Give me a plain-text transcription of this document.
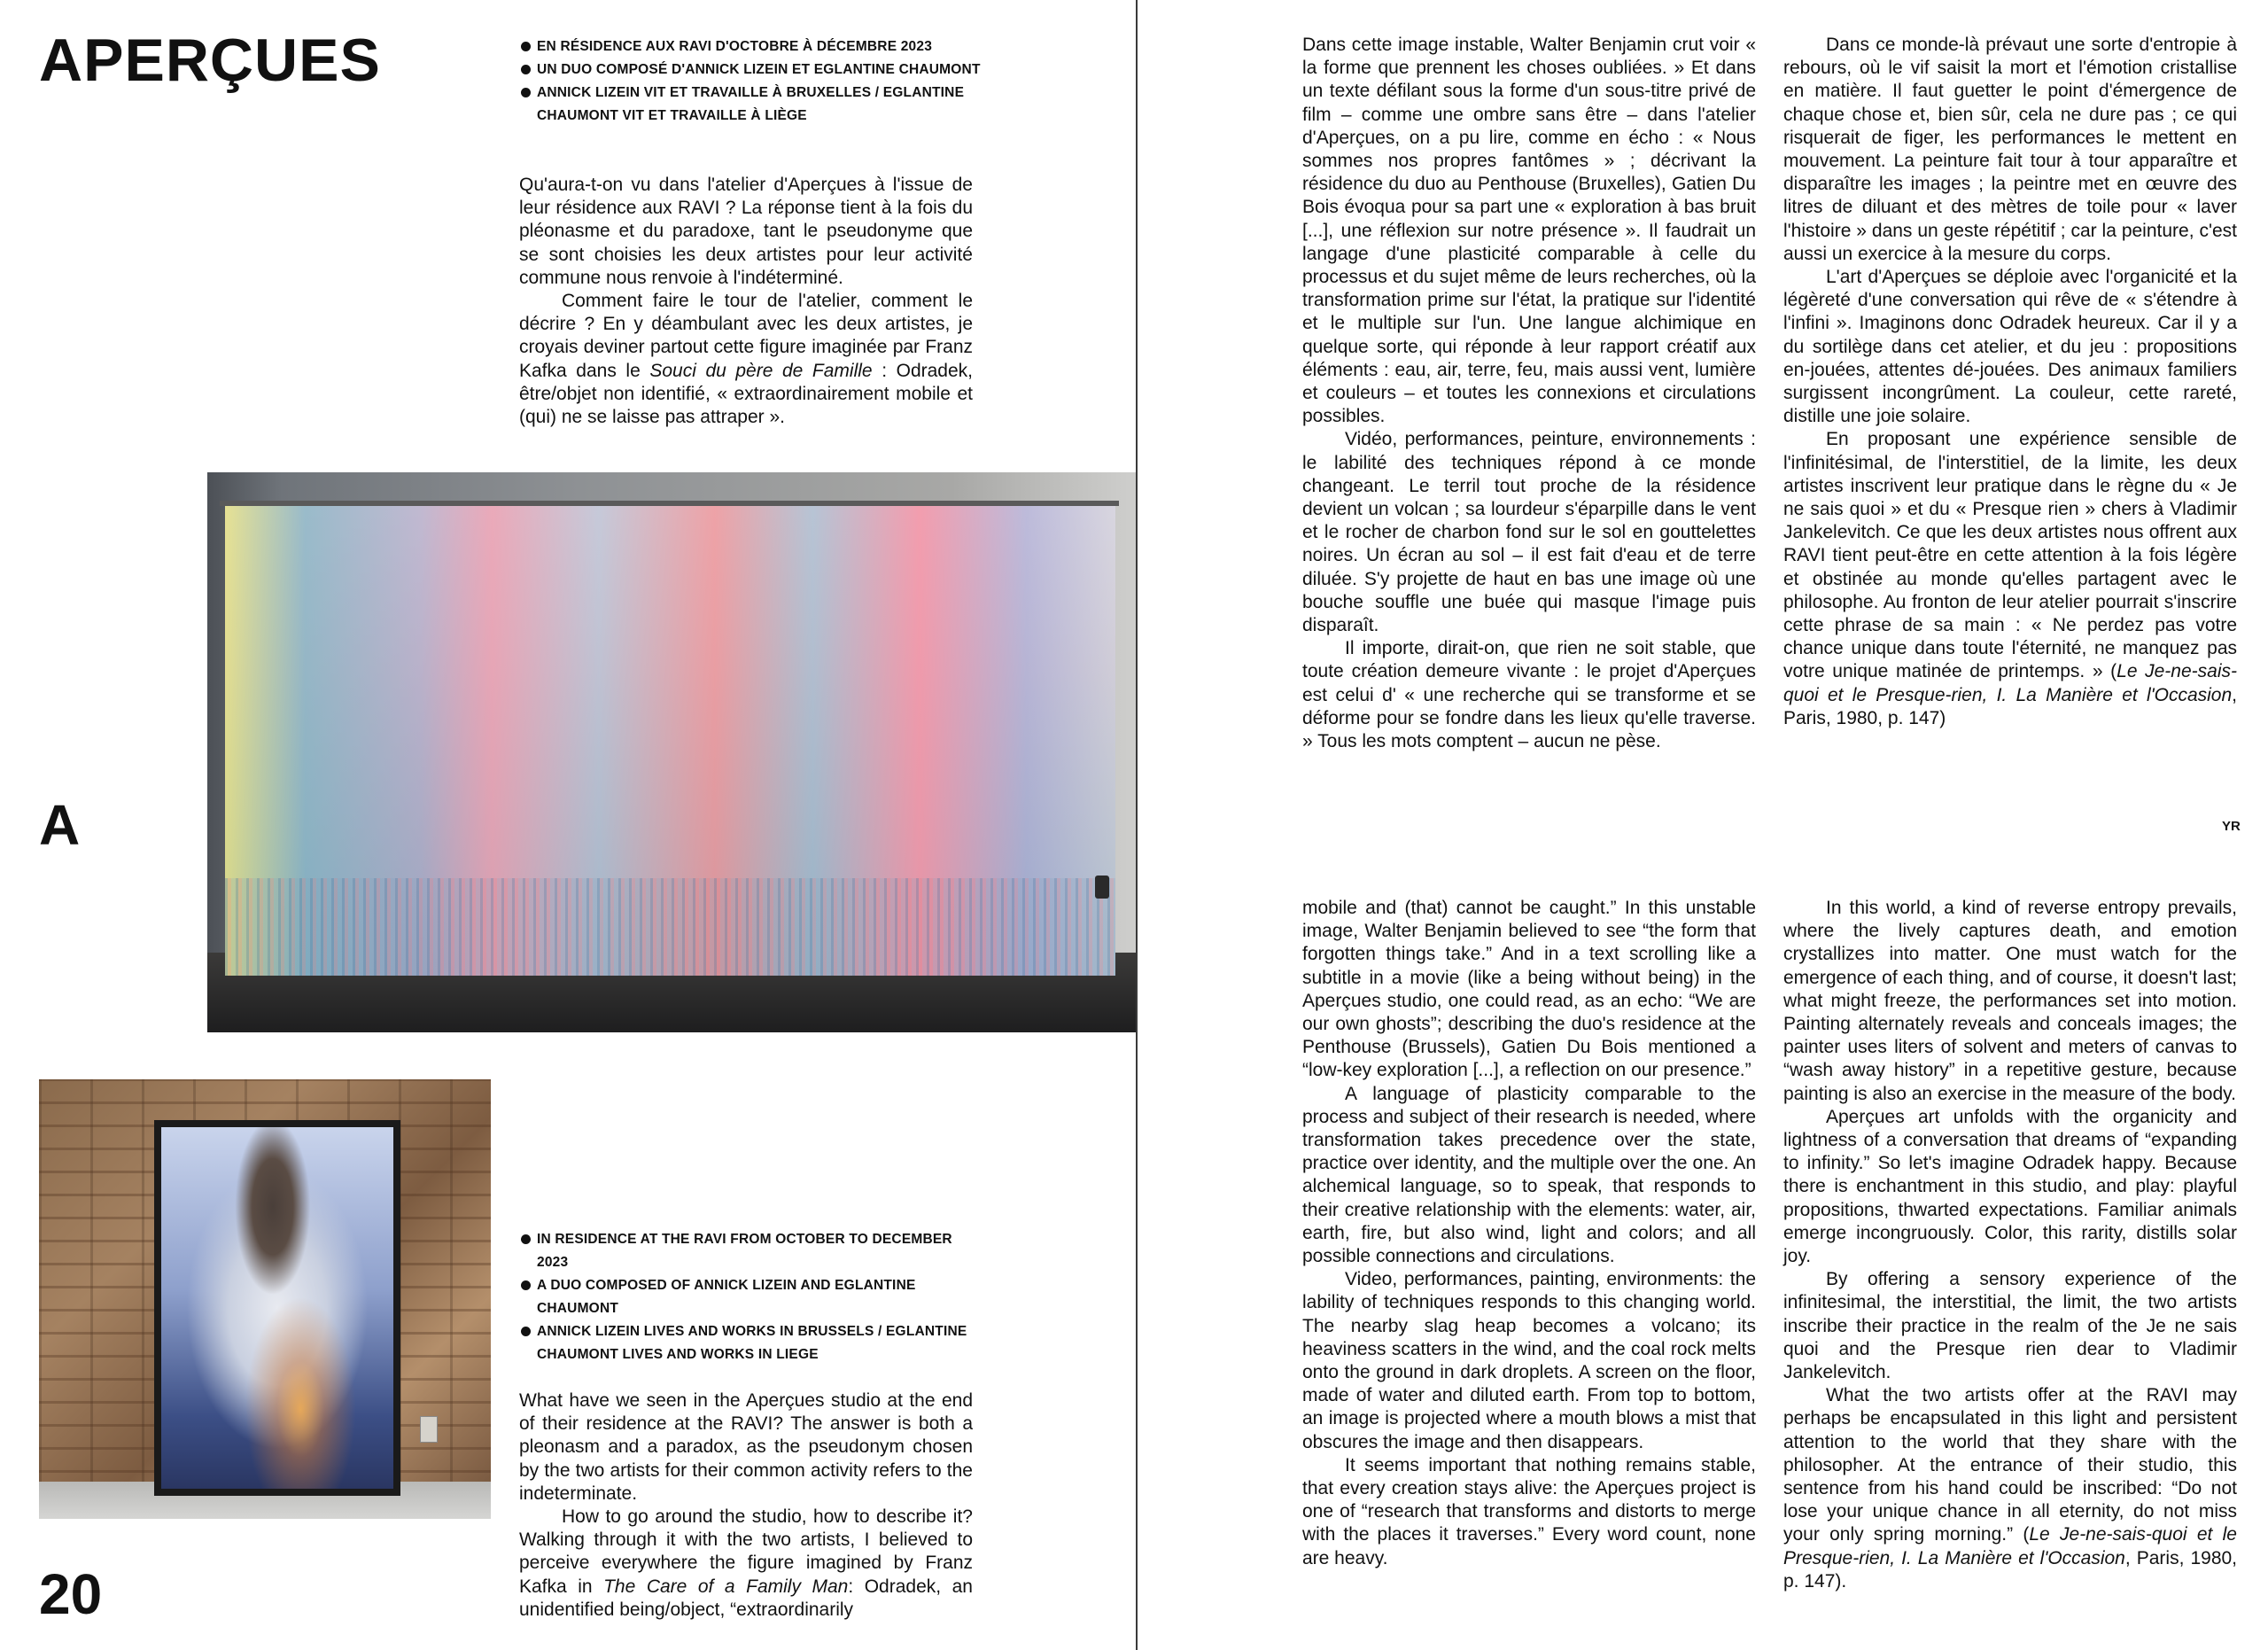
APERÇUES
A
20
EN RÉSIDENCE AUX RAVI D'OCTOBRE À DÉCEMBRE 2023
UN DUO COMPOSÉ D'ANNICK LIZEIN ET EGLANTINE CHAUMONT
ANNICK LIZEIN VIT ET TRAVAILLE À BRUXELLES / EGLANTINE CHAUMONT VIT ET TRAVAILLE À LIÈGE

Qu'aura-t-on vu dans l'atelier d'Aperçues à l'issue de leur résidence aux RAVI ? La réponse tient à la fois du pléonasme et du paradoxe, tant le pseudonyme que se sont choisies les deux artistes pour leur activité commune nous renvoie à l'indéterminé.

Comment faire le tour de l'atelier, comment le décrire ? En y déambulant avec les deux artistes, je croyais deviner partout cette figure imaginée par Franz Kafka dans le Souci du père de Famille : Odradek, être/objet non identifié, « extraordinairement mobile et (qui) ne se laisse pas attraper ».

IN RESIDENCE AT THE RAVI FROM OCTOBER TO DECEMBER 2023
A DUO COMPOSED OF ANNICK LIZEIN AND EGLANTINE CHAUMONT
ANNICK LIZEIN LIVES AND WORKS IN BRUSSELS / EGLANTINE CHAUMONT LIVES AND WORKS IN LIEGE

What have we seen in the Aperçues studio at the end of their residence at the RAVI? The answer is both a pleonasm and a paradox, as the pseudonym chosen by the two artists for their common activity refers to the indeterminate.

How to go around the studio, how to describe it? Walking through it with the two artists, I believed to perceive everywhere the figure imagined by Franz Kafka in The Care of a Family Man: Odradek, an unidentified being/object, “extraordinarily

Dans cette image instable, Walter Benjamin crut voir « la forme que prennent les choses oubliées. » Et dans un texte défilant sous la forme d'un sous-titre privé de film – comme une ombre sans être – dans l'atelier d'Aperçues, on a pu lire, comme en écho : « Nous sommes nos propres fantômes » ; décrivant la résidence du duo au Penthouse (Bruxelles), Gatien Du Bois évoqua pour sa part une « exploration à bas bruit [...], une réflexion sur notre présence ». Il faudrait un langage d'une plasticité comparable à celle du processus et du sujet même de leurs recherches, où la transformation prime sur l'état, la pratique sur l'identité et le multiple sur l'un. Une langue alchimique en quelque sorte, qui réponde à leur rapport créatif aux éléments : eau, air, terre, feu, mais aussi vent, lumière et couleurs – et toutes les connexions et circulations possibles.

Vidéo, performances, peinture, environnements : le labilité des techniques répond à ce monde changeant. Le terril tout proche de la résidence devient un volcan ; sa lourdeur s'éparpille dans le vent et le rocher de charbon fond sur le sol en gouttelettes noires. Un écran au sol – il est fait d'eau et de terre diluée. S'y projette de haut en bas une image où une bouche souffle une buée qui masque l'image puis disparaît.

Il importe, dirait-on, que rien ne soit stable, que toute création demeure vivante : le projet d'Aperçues est celui d' « une recherche qui se transforme et se déforme pour se fondre dans les lieux qu'elle traverse. » Tous les mots comptent – aucun ne pèse.

Dans ce monde-là prévaut une sorte d'entropie à rebours, où le vif saisit la mort et l'émotion cristallise en matière. Il faut guetter le point d'émergence de chaque chose et, bien sûr, cela ne dure pas ; ce qui risquerait de figer, les performances le mettent en mouvement. La peinture fait tour à tour apparaître et disparaître les images ; la peintre met en œuvre des litres de diluant et des mètres de toile pour « laver l'histoire » dans un geste répétitif ; car la peinture, c'est aussi un exercice à la mesure du corps.

L'art d'Aperçues se déploie avec l'organicité et la légèreté d'une conversation qui rêve de « s'étendre à l'infini ». Imaginons donc Odradek heureux. Car il y a du sortilège dans cet atelier, et du jeu : propositions en-jouées, attentes dé-jouées. Des animaux familiers surgissent incongrûment. La couleur, cette rareté, distille une joie solaire.

En proposant une expérience sensible de l'infinitésimal, de l'interstitiel, de la limite, les deux artistes inscrivent leur pratique dans le règne du « Je ne sais quoi » et du « Presque rien » chers à Vladimir Jankelevitch. Ce que les deux artistes nous offrent aux RAVI tient peut-être en cette attention à la fois légère et obstinée au monde qu'elles partagent avec le philosophe. Au fronton de leur atelier pourrait s'inscrire cette phrase de sa main : « Ne perdez pas votre chance unique dans toute l'éternité, ne manquez pas votre unique matinée de printemps. » (Le Je-ne-sais-quoi et le Presque-rien, I. La Manière et l'Occasion, Paris, 1980, p. 147)

YR

mobile and (that) cannot be caught.” In this unstable image, Walter Benjamin believed to see “the form that forgotten things take.” And in a text scrolling like a subtitle in a movie (like a being without being) in the Aperçues studio, one could read, as an echo: “We are our own ghosts”; describing the duo's residence at the Penthouse (Brussels), Gatien Du Bois mentioned a “low-key exploration [...], a reflection on our presence.”

A language of plasticity comparable to the process and subject of their research is needed, where transformation takes precedence over the state, practice over identity, and the multiple over the one. An alchemical language, so to speak, that responds to their creative relationship with the elements: water, air, earth, fire, but also wind, light and colors; and all possible connections and circulations.

Video, performances, painting, environments: the lability of techniques responds to this changing world. The nearby slag heap becomes a volcano; its heaviness scatters in the wind, and the coal rock melts onto the ground in dark droplets. A screen on the floor, made of water and diluted earth. From top to bottom, an image is projected where a mouth blows a mist that obscures the image and then disappears.

It seems important that nothing remains stable, that every creation stays alive: the Aperçues project is one of “research that transforms and distorts to merge with the places it traverses.” Every word count, none are heavy.

In this world, a kind of reverse entropy prevails, where the lively captures death, and emotion crystallizes into matter. One must watch for the emergence of each thing, and of course, it doesn't last; what might freeze, the performances set into motion. Painting alternately reveals and conceals images; the painter uses liters of solvent and meters of canvas to “wash away history” in a repetitive gesture, because painting is also an exercise in the measure of the body.

Aperçues art unfolds with the organicity and lightness of a conversation that dreams of “expanding to infinity.” So let's imagine Odradek happy. Because there is enchantment in this studio, and play: playful propositions, thwarted expectations. Familiar animals emerge incongruously. Color, this rarity, distills solar joy.

By offering a sensory experience of the infinitesimal, the interstitial, the limit, the two artists inscribe their practice in the realm of the Je ne sais quoi and the Presque rien dear to Vladimir Jankelevitch.

What the two artists offer at the RAVI may perhaps be encapsulated in this light and persistent attention to the world that they share with the philosopher. At the entrance of their studio, this sentence from his hand could be inscribed: “Do not lose your unique chance in all eternity, do not miss your only spring morning.” (Le Je-ne-sais-quoi et le Presque-rien, I. La Manière et l'Occasion, Paris, 1980, p. 147).
